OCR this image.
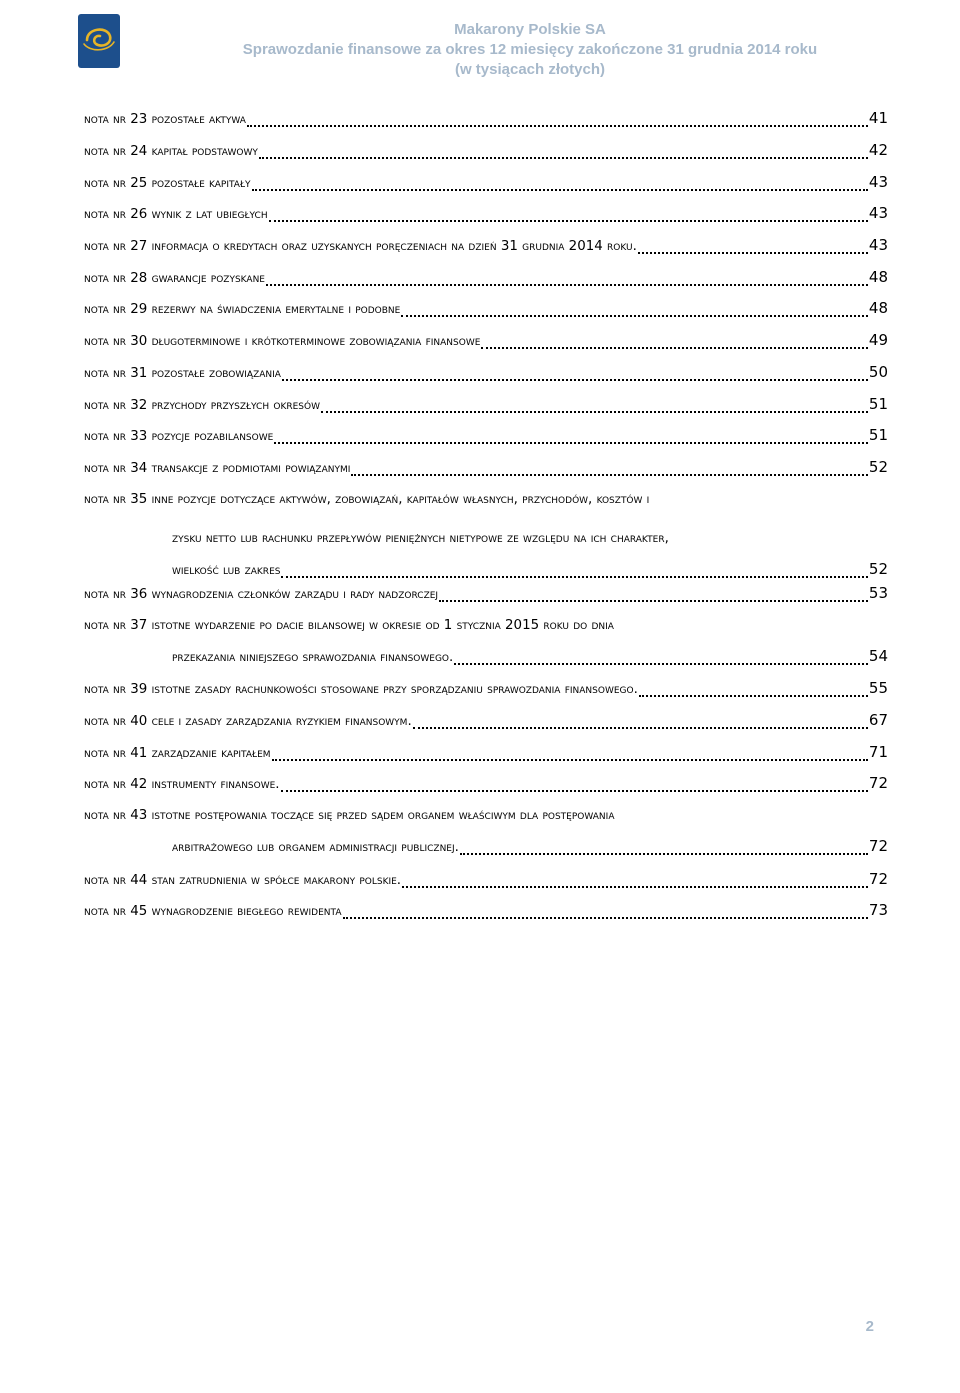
Makarony Polskie SA
Sprawozdanie finansowe za okres 12 miesięcy zakończone 31 grudnia 2014 roku
(w tysiącach złotych)
nota nr 23 pozostałe aktywa	41
nota nr 24 kapitał podstawowy	42
nota nr 25 pozostałe kapitały	43
nota nr 26 wynik z lat ubiegłych	43
nota nr 27 informacja o kredytach oraz uzyskanych poręczeniach na dzień 31 grudnia 2014 roku.	43
nota nr 28 gwarancje pozyskane	48
nota nr 29 rezerwy na świadczenia emerytalne i podobne	48
nota nr 30 długoterminowe i krótkoterminowe zobowiązania finansowe	49
nota nr 31 pozostałe zobowiązania	50
nota nr 32 przychody przyszłych okresów	51
nota nr 33 pozycje pozabilansowe	51
nota nr 34 transakcje z podmiotami powiązanymi	52
nota nr 35 inne pozycje dotyczące aktywów, zobowiązań, kapitałów własnych, przychodów, kosztów i
zysku netto lub rachunku przepływów pieniężnych nietypowe ze względu na ich charakter,
wielkość lub zakres	52
nota nr 36 wynagrodzenia członków zarządu i rady nadzorczej	53
nota nr 37 istotne wydarzenie po dacie bilansowej w okresie od 1 stycznia 2015 roku do dnia
przekazania niniejszego sprawozdania finansowego.	54
nota nr 39 istotne zasady rachunkowości stosowane przy sporządzaniu sprawozdania finansowego.	55
nota nr 40 cele i zasady zarządzania ryzykiem finansowym.	67
nota nr 41 zarządzanie kapitałem	71
nota nr 42 instrumenty finansowe.	72
nota nr 43 istotne postępowania toczące się przed sądem organem właściwym dla postępowania
arbitrażowego lub organem administracji publicznej.	72
nota nr 44 stan zatrudnienia w spółce makarony polskie.	72
nota nr 45 wynagrodzenie biegłego rewidenta	73
2
